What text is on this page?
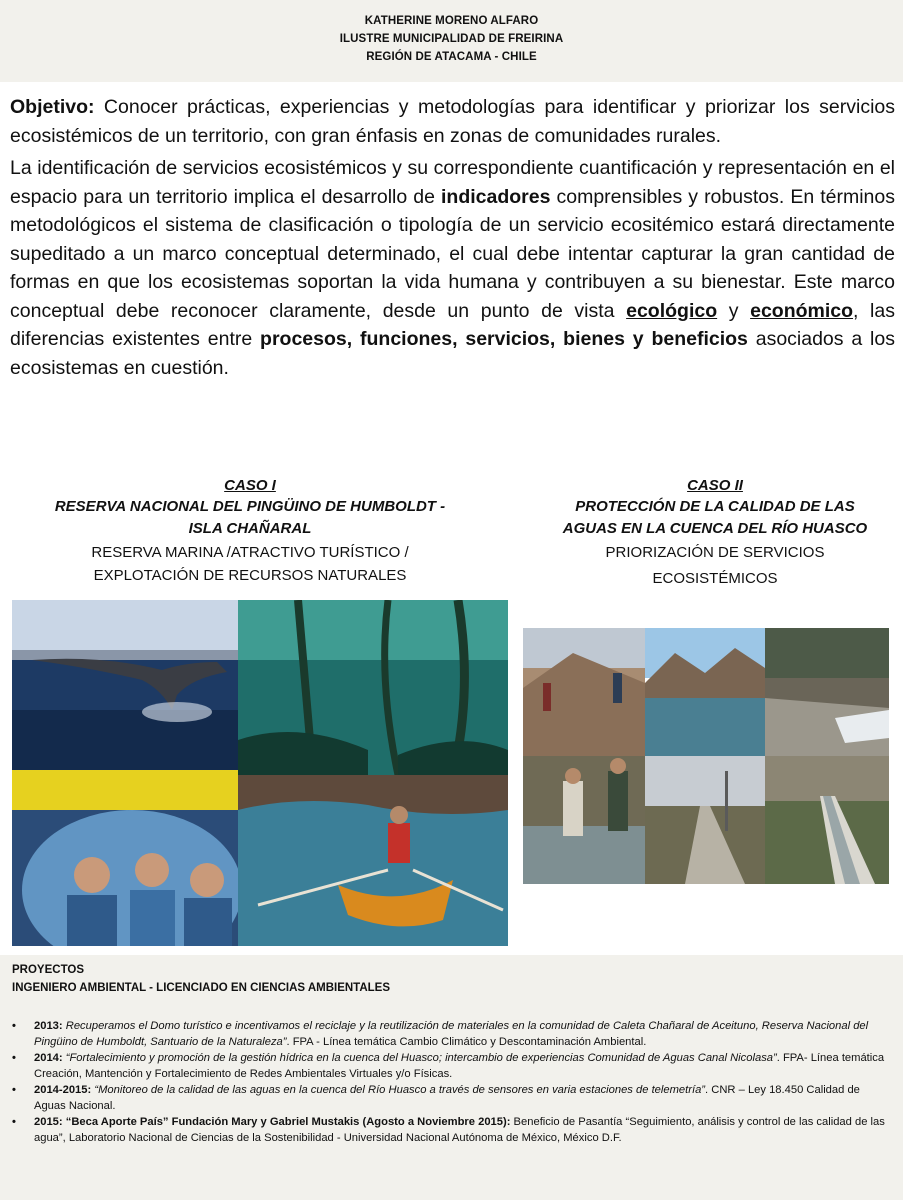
KATHERINE MORENO ALFARO
ILUSTRE MUNICIPALIDAD DE FREIRINA
REGIÓN DE ATACAMA - CHILE

Objetivo: Conocer prácticas, experiencias y metodologías para identificar y priorizar los servicios ecosistémicos de un territorio, con gran énfasis en zonas de comunidades rurales.

La identificación de servicios ecosistémicos y su correspondiente cuantificación y representación en el espacio para un territorio implica el desarrollo de indicadores comprensibles y robustos. En términos metodológicos el sistema de clasificación o tipología de un servicio ecositémico estará directamente supeditado a un marco conceptual determinado, el cual debe intentar capturar la gran cantidad de formas en que los ecosistemas soportan la vida humana y contribuyen a su bienestar. Este marco conceptual debe reconocer claramente, desde un punto de vista ecológico y económico, las diferencias existentes entre procesos, funciones, servicios, bienes y beneficios asociados a los ecosistemas en cuestión.

CASO I
RESERVA NACIONAL DEL PINGÜINO DE HUMBOLDT -
ISLA CHAÑARAL
RESERVA MARINA /ATRACTIVO TURÍSTICO /
EXPLOTACIÓN DE RECURSOS NATURALES
CASO II
PROTECCIÓN DE LA CALIDAD DE LAS
AGUAS EN LA CUENCA DEL RÍO HUASCO
PRIORIZACIÓN DE SERVICIOS
ECOSISTÉMICOS
PROYECTOS
INGENIERO AMBIENTAL - LICENCIADO EN CIENCIAS AMBIENTALES
• 2013: Recuperamos el Domo turístico e incentivamos el reciclaje y la reutilización de materiales en la comunidad de Caleta Chañaral de Aceituno, Reserva Nacional del Pingüino de Humboldt, Santuario de la Naturaleza”. FPA - Línea temática Cambio Climático y Descontaminación Ambiental.
• 2014: “Fortalecimiento y promoción de la gestión hídrica en la cuenca del Huasco; intercambio de experiencias Comunidad de Aguas Canal Nicolasa”. FPA- Línea temática Creación, Mantención y Fortalecimiento de Redes Ambientales Virtuales y/o Físicas.
• 2014-2015: “Monitoreo de la calidad de las aguas en la cuenca del Río Huasco a través de sensores en varia estaciones de telemetría”. CNR – Ley 18.450 Calidad de Aguas Nacional.
• 2015: “Beca Aporte País” Fundación Mary y Gabriel Mustakis (Agosto a Noviembre 2015): Beneficio de Pasantía “Seguimiento, análisis y control de las calidad de las agua”, Laboratorio Nacional de Ciencias de la Sostenibilidad - Universidad Nacional Autónoma de México, México D.F.
